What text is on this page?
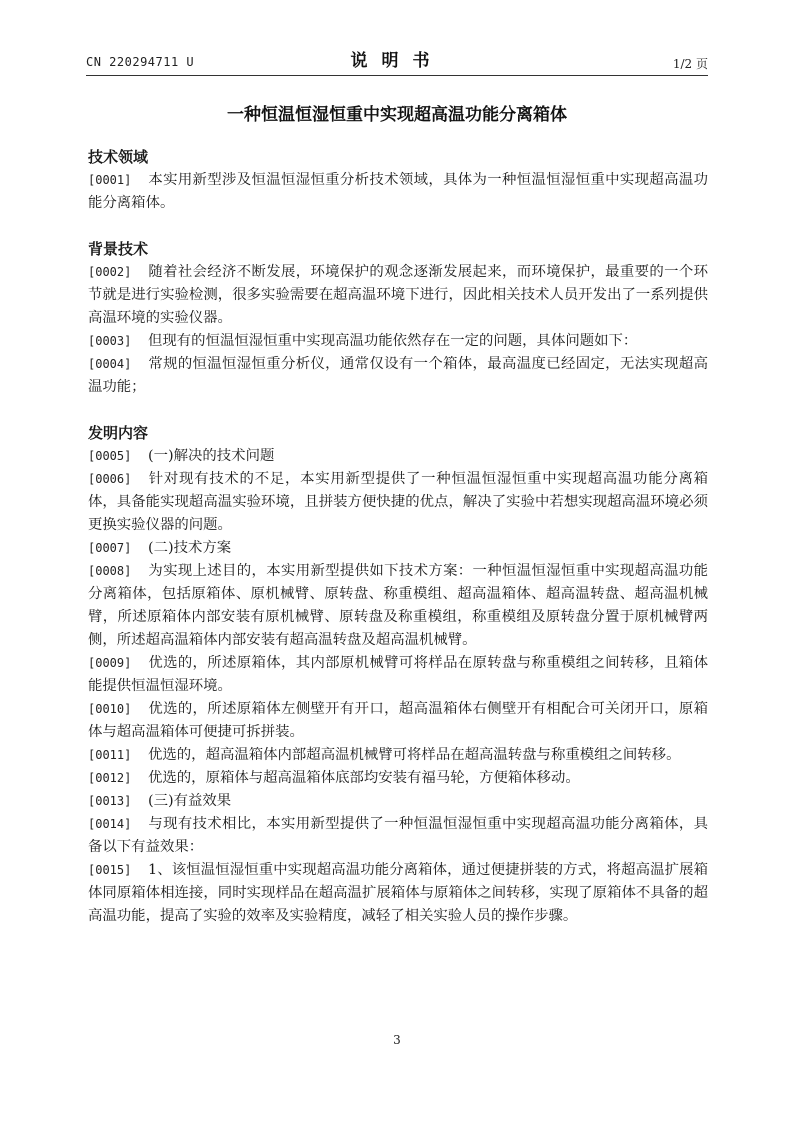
CN 220294711 U	说明书	1/2 页
一种恒温恒湿恒重中实现超高温功能分离箱体
技术领域
[0001] 本实用新型涉及恒温恒湿恒重分析技术领域，具体为一种恒温恒湿恒重中实现超高温功能分离箱体。
背景技术
[0002] 随着社会经济不断发展，环境保护的观念逐渐发展起来，而环境保护，最重要的一个环节就是进行实验检测，很多实验需要在超高温环境下进行，因此相关技术人员开发出了一系列提供高温环境的实验仪器。
[0003] 但现有的恒温恒湿恒重中实现高温功能依然存在一定的问题，具体问题如下：
[0004] 常规的恒温恒湿恒重分析仪，通常仅设有一个箱体，最高温度已经固定，无法实现超高温功能；
发明内容
[0005] (一)解决的技术问题
[0006] 针对现有技术的不足，本实用新型提供了一种恒温恒湿恒重中实现超高温功能分离箱体，具备能实现超高温实验环境，且拼装方便快捷的优点，解决了实验中若想实现超高温环境必须更换实验仪器的问题。
[0007] (二)技术方案
[0008] 为实现上述目的，本实用新型提供如下技术方案：一种恒温恒湿恒重中实现超高温功能分离箱体，包括原箱体、原机械臂、原转盘、称重模组、超高温箱体、超高温转盘、超高温机械臂，所述原箱体内部安装有原机械臂、原转盘及称重模组，称重模组及原转盘分置于原机械臂两侧，所述超高温箱体内部安装有超高温转盘及超高温机械臂。
[0009] 优选的，所述原箱体，其内部原机械臂可将样品在原转盘与称重模组之间转移，且箱体能提供恒温恒湿环境。
[0010] 优选的，所述原箱体左侧壁开有开口，超高温箱体右侧壁开有相配合可关闭开口，原箱体与超高温箱体可便捷可拆拼装。
[0011] 优选的，超高温箱体内部超高温机械臂可将样品在超高温转盘与称重模组之间转移。
[0012] 优选的，原箱体与超高温箱体底部均安装有福马轮，方便箱体移动。
[0013] (三)有益效果
[0014] 与现有技术相比，本实用新型提供了一种恒温恒湿恒重中实现超高温功能分离箱体，具备以下有益效果：
[0015] 1、该恒温恒湿恒重中实现超高温功能分离箱体，通过便捷拼装的方式，将超高温扩展箱体同原箱体相连接，同时实现样品在超高温扩展箱体与原箱体之间转移，实现了原箱体不具备的超高温功能，提高了实验的效率及实验精度，减轻了相关实验人员的操作步骤。
3
